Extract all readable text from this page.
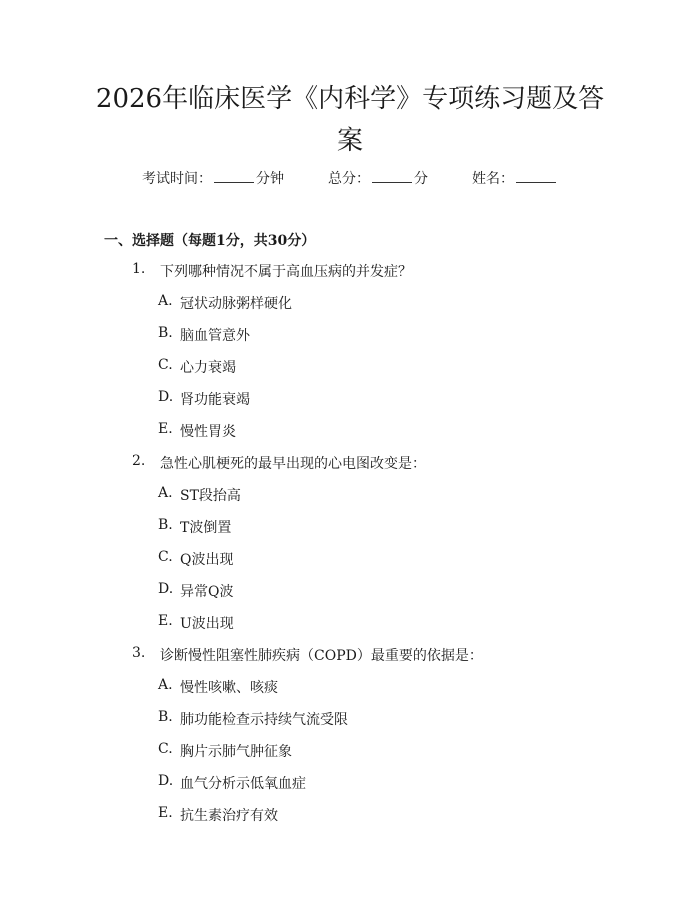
2026年临床医学《内科学》专项练习题及答案
考试时间：	分钟	总分：	分	姓名：
一、选择题（每题1分，共30分）
1.	下列哪种情况不属于高血压病的并发症？
A. 冠状动脉粥样硬化
B. 脑血管意外
C. 心力衰竭
D. 肾功能衰竭
E. 慢性胃炎
2.	急性心肌梗死的最早出现的心电图改变是：
A. ST段抬高
B. T波倒置
C. Q波出现
D. 异常Q波
E. U波出现
3.	诊断慢性阻塞性肺疾病（COPD）最重要的依据是：
A. 慢性咳嗽、咳痰
B. 肺功能检查示持续气流受限
C. 胸片示肺气肿征象
D. 血气分析示低氧血症
E. 抗生素治疗有效
